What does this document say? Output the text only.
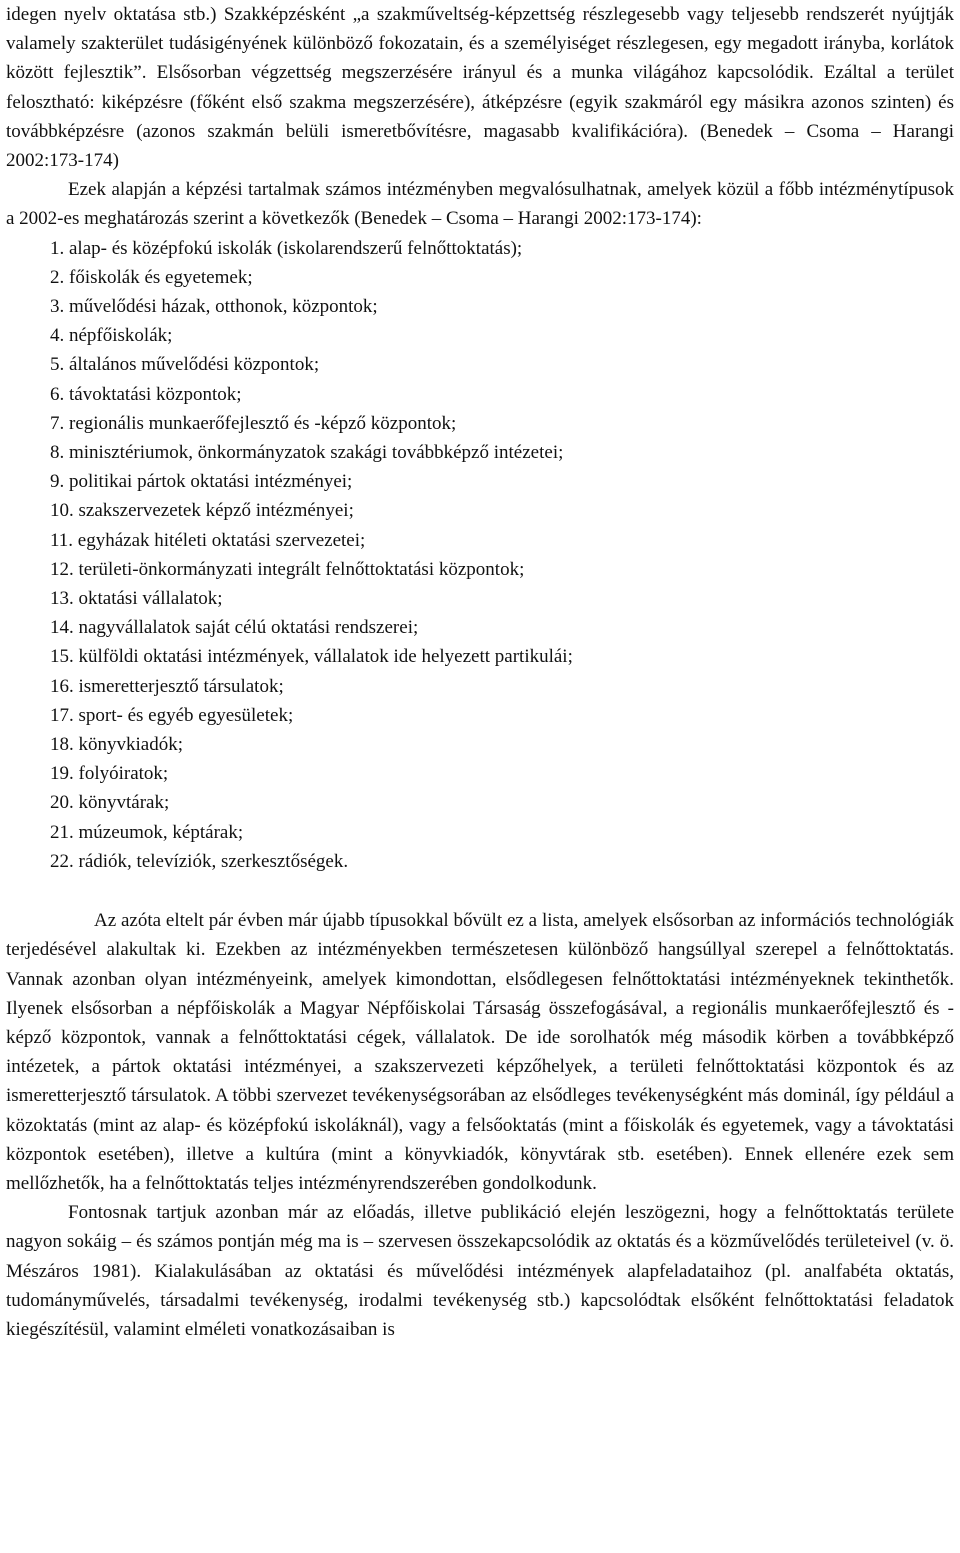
idegen nyelv oktatása stb.) Szakképzésként „a szakműveltség-képzettség részlegesebb vagy teljesebb rendszerét nyújtják valamely szakterület tudásigényének különböző fokozatain, és a személyiséget részlegesen, egy megadott irányba, korlátok között fejlesztik”. Elsősorban végzettség megszerzésére irányul és a munka világához kapcsolódik. Ezáltal a terület felosztható: kiképzésre (főként első szakma megszerzésére), átképzésre (egyik szakmáról egy másikra azonos szinten) és továbbképzésre (azonos szakmán belüli ismeretbővítésre, magasabb kvalifikációra). (Benedek – Csoma – Harangi 2002:173-174)

Ezek alapján a képzési tartalmak számos intézményben megvalósulhatnak, amelyek közül a főbb intézménytípusok a 2002-es meghatározás szerint a következők (Benedek – Csoma – Harangi 2002:173-174):

1. alap- és középfokú iskolák (iskolarendszerű felnőttoktatás);
2. főiskolák és egyetemek;
3. művelődési házak, otthonok, központok;
4. népfőiskolák;
5. általános művelődési központok;
6. távoktatási központok;
7. regionális munkaerőfejlesztő és -képző központok;
8. minisztériumok, önkormányzatok szakági továbbképző intézetei;
9. politikai pártok oktatási intézményei;
10. szakszervezetek képző intézményei;
11. egyházak hitéleti oktatási szervezetei;
12. területi-önkormányzati integrált felnőttoktatási központok;
13. oktatási vállalatok;
14. nagyvállalatok saját célú oktatási rendszerei;
15. külföldi oktatási intézmények, vállalatok ide helyezett partikulái;
16. ismeretterjesztő társulatok;
17. sport- és egyéb egyesületek;
18. könyvkiadók;
19. folyóiratok;
20. könyvtárak;
21. múzeumok, képtárak;
22. rádiók, televíziók, szerkesztőségek.

Az azóta eltelt pár évben már újabb típusokkal bővült ez a lista, amelyek elsősorban az információs technológiák terjedésével alakultak ki. Ezekben az intézményekben természetesen különböző hangsúllyal szerepel a felnőttoktatás. Vannak azonban olyan intézményeink, amelyek kimondottan, elsődlegesen felnőttoktatási intézményeknek tekinthetők. Ilyenek elsősorban a népfőiskolák a Magyar Népfőiskolai Társaság összefogásával, a regionális munkaerőfejlesztő és -képző központok, vannak a felnőttoktatási cégek, vállalatok. De ide sorolhatók még második körben a továbbképző intézetek, a pártok oktatási intézményei, a szakszervezeti képzőhelyek, a területi felnőttoktatási központok és az ismeretterjesztő társulatok. A többi szervezet tevékenységsorában az elsődleges tevékenységként más dominál, így például a közoktatás (mint az alap- és középfokú iskoláknál), vagy a felsőoktatás (mint a főiskolák és egyetemek, vagy a távoktatási központok esetében), illetve a kultúra (mint a könyvkiadók, könyvtárak stb. esetében). Ennek ellenére ezek sem mellőzhetők, ha a felnőttoktatás teljes intézményrendszerében gondolkodunk.

Fontosnak tartjuk azonban már az előadás, illetve publikáció elején leszögezni, hogy a felnőttoktatás területe nagyon sokáig – és számos pontján még ma is – szervesen összekapcsolódik az oktatás és a közművelődés területeivel (v. ö. Mészáros 1981). Kialakulásában az oktatási és művelődési intézmények alapfeladataihoz (pl. analfabéta oktatás, tudományművelés, társadalmi tevékenység, irodalmi tevékenység stb.) kapcsolódtak elsőként felnőttoktatási feladatok kiegészítésül, valamint elméleti vonatkozásaiban is
